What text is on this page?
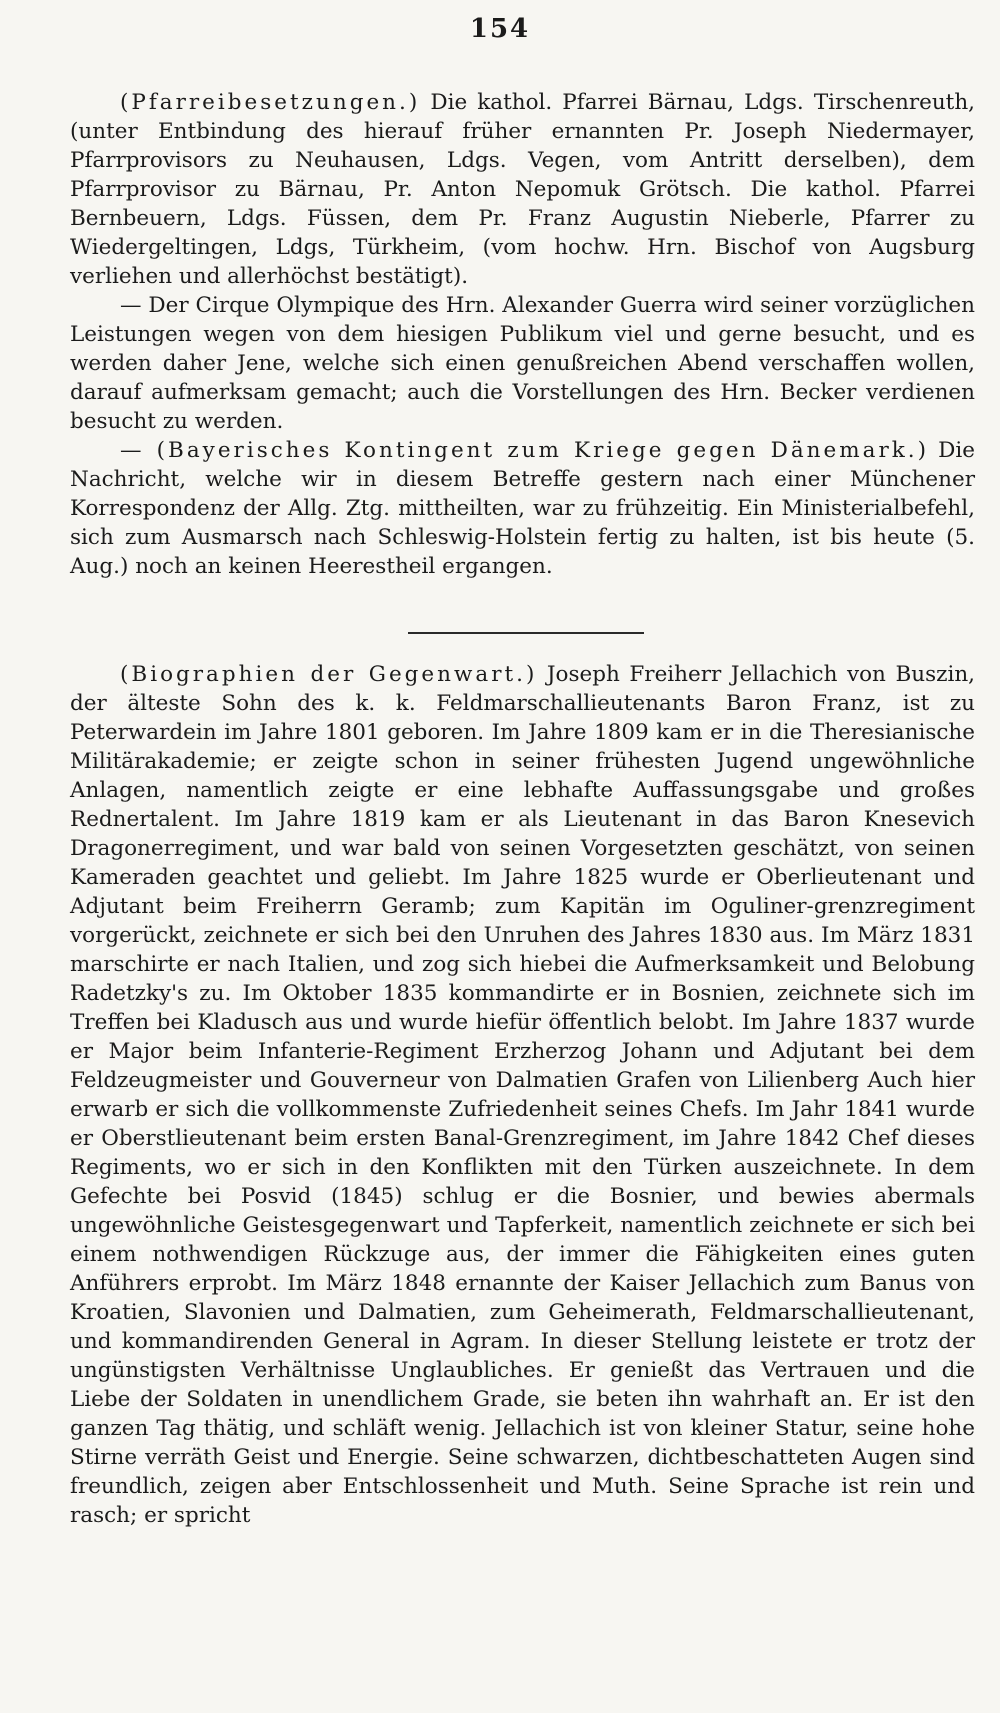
154

(Pfarreibesetzungen.) Die kathol. Pfarrei Bärnau, Ldgs. Tirschenreuth, (unter Entbindung des hierauf früher ernannten Pr. Joseph Niedermayer, Pfarrprovisors zu Neuhausen, Ldgs. Vegen, vom Antritt derselben), dem Pfarrprovisor zu Bärnau, Pr. Anton Nepomuk Grötsch. Die kathol. Pfarrei Bernbeuern, Ldgs. Füssen, dem Pr. Franz Augustin Nieberle, Pfarrer zu Wiedergeltingen, Ldgs, Türkheim, (vom hochw. Hrn. Bischof von Augsburg verliehen und allerhöchst bestätigt).

— Der Cirque Olympique des Hrn. Alexander Guerra wird seiner vorzüglichen Leistungen wegen von dem hiesigen Publikum viel und gerne besucht, und es werden daher Jene, welche sich einen genußreichen Abend verschaffen wollen, darauf aufmerksam gemacht; auch die Vorstellungen des Hrn. Becker verdienen besucht zu werden.

— (Bayerisches Kontingent zum Kriege gegen Dänemark.) Die Nachricht, welche wir in diesem Betreffe gestern nach einer Münchener Korrespondenz der Allg. Ztg. mittheilten, war zu frühzeitig. Ein Ministerialbefehl, sich zum Ausmarsch nach Schleswig-Holstein fertig zu halten, ist bis heute (5. Aug.) noch an keinen Heerestheil ergangen.

(Biographien der Gegenwart.) Joseph Freiherr Jellachich von Buszin, der älteste Sohn des k. k. Feldmarschallieutenants Baron Franz, ist zu Peterwardein im Jahre 1801 geboren. Im Jahre 1809 kam er in die Theresianische Militärakademie; er zeigte schon in seiner frühesten Jugend ungewöhnliche Anlagen, namentlich zeigte er eine lebhafte Auffassungsgabe und großes Rednertalent. Im Jahre 1819 kam er als Lieutenant in das Baron Knesevich Dragonerregiment, und war bald von seinen Vorgesetzten geschätzt, von seinen Kameraden geachtet und geliebt. Im Jahre 1825 wurde er Oberlieutenant und Adjutant beim Freiherrn Geramb; zum Kapitän im Oguliner-grenzregiment vorgerückt, zeichnete er sich bei den Unruhen des Jahres 1830 aus. Im März 1831 marschirte er nach Italien, und zog sich hiebei die Aufmerksamkeit und Belobung Radetzky's zu. Im Oktober 1835 kommandirte er in Bosnien, zeichnete sich im Treffen bei Kladusch aus und wurde hiefür öffentlich belobt. Im Jahre 1837 wurde er Major beim Infanterie-Regiment Erzherzog Johann und Adjutant bei dem Feldzeugmeister und Gouverneur von Dalmatien Grafen von Lilienberg Auch hier erwarb er sich die vollkommenste Zufriedenheit seines Chefs. Im Jahr 1841 wurde er Oberstlieutenant beim ersten Banal-Grenzregiment, im Jahre 1842 Chef dieses Regiments, wo er sich in den Konflikten mit den Türken auszeichnete. In dem Gefechte bei Posvid (1845) schlug er die Bosnier, und bewies abermals ungewöhnliche Geistesgegenwart und Tapferkeit, namentlich zeichnete er sich bei einem nothwendigen Rückzuge aus, der immer die Fähigkeiten eines guten Anführers erprobt. Im März 1848 ernannte der Kaiser Jellachich zum Banus von Kroatien, Slavonien und Dalmatien, zum Geheimerath, Feldmarschallieutenant, und kommandirenden General in Agram. In dieser Stellung leistete er trotz der ungünstigsten Verhältnisse Unglaubliches. Er genießt das Vertrauen und die Liebe der Soldaten in unendlichem Grade, sie beten ihn wahrhaft an. Er ist den ganzen Tag thätig, und schläft wenig. Jellachich ist von kleiner Statur, seine hohe Stirne verräth Geist und Energie. Seine schwarzen, dichtbeschatteten Augen sind freundlich, zeigen aber Entschlossenheit und Muth. Seine Sprache ist rein und rasch; er spricht
